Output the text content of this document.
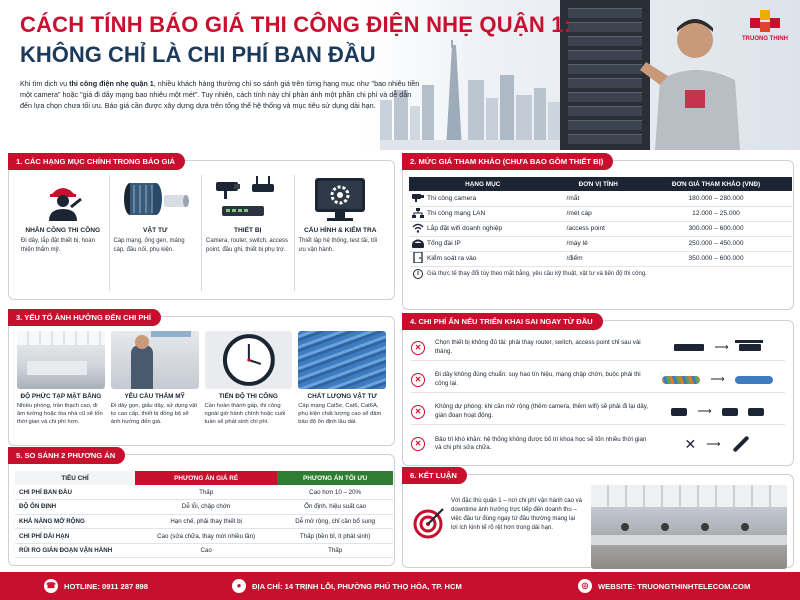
TRUONG THINH
CÁCH TÍNH BÁO GIÁ THI CÔNG ĐIỆN NHẸ QUẬN 1:
KHÔNG CHỈ LÀ CHI PHÍ BAN ĐẦU
Khi tìm dịch vụ thi công điện nhẹ quận 1, nhiều khách hàng thường chỉ so sánh giá trên từng hạng mục như "bao nhiêu tiền một camera" hoặc "giá đi dây mạng bao nhiêu một mét". Tuy nhiên, cách tính này chỉ phản ánh một phần chi phí và dễ dẫn đến lựa chọn chưa tối ưu. Báo giá cần được xây dựng dựa trên tổng thể hệ thống và mục tiêu sử dụng dài hạn.
1. CÁC HẠNG MỤC CHÍNH TRONG BÁO GIÁ
NHÂN CÔNG THI CÔNG
Đi dây, lắp đặt thiết bị, hoàn thiện thẩm mỹ.
VẬT TƯ
Cáp mạng, ống gen, máng cáp, đầu nối, phụ kiện.
THIẾT BỊ
Camera, router, switch, access point, đầu ghi, thiết bị phụ trợ.
CẤU HÌNH & KIỂM TRA
Thiết lập hệ thống, test tải, tối ưu vận hành.
2. MỨC GIÁ THAM KHẢO (CHƯA BAO GỒM THIẾT BỊ)
HẠNG MỤC		ĐƠN VỊ TÍNH	ĐƠN GIÁ THAM KHẢO (VNĐ)
	Thi công camera	/mắt	180.000 – 280.000
	Thi công mạng LAN	/mét cáp	12.000 – 25.000
	Lắp đặt wifi doanh nghiệp	/access point	300.000 – 600.000
	Tổng đài IP	/máy lẻ	250.000 – 450.000
	Kiểm soát ra vào	/điểm	350.000 – 600.000
i	Giá thực tế thay đổi tùy theo mặt bằng, yêu cầu kỹ thuật, vật tư và tiến độ thi công.		
3. YẾU TỐ ẢNH HƯỞNG ĐẾN CHI PHÍ
ĐỘ PHỨC TẠP MẶT BẰNG
Nhiều phòng, trần thạch cao, đi âm tường hoặc tòa nhà cũ sẽ tốn thời gian và chi phí hơn.
YÊU CẦU THẨM MỸ
Đi dây gọn, giấu dây, sử dụng vật tư cao cấp, thiết bị đồng bộ sẽ ảnh hưởng đến giá.
TIẾN ĐỘ THI CÔNG
Cần hoàn thành gấp, thi công ngoài giờ hành chính hoặc cuối tuần sẽ phát sinh chi phí.
CHẤT LƯỢNG VẬT TƯ
Cáp mạng Cat5e, Cat6, Cat6A, phụ kiện chất lượng cao sẽ đảm bảo độ ổn định lâu dài.
4. CHI PHÍ ẨN NẾU TRIỂN KHAI SAI NGAY TỪ ĐẦU
✕	Chọn thiết bị không đủ tải: phải thay router, switch, access point chỉ sau vài tháng.	⟶
✕	Đi dây không đúng chuẩn: suy hao tín hiệu, mạng chập chờn, buộc phải thi công lại.	⟶
✕	Không dự phòng: khi cần mở rộng (thêm camera, thêm wifi) sẽ phải đi lại dây, gián đoạn hoạt động.	⟶
✕	Bảo trì khó khăn: hệ thống không được bố trí khoa học sẽ tốn nhiều thời gian và chi phí sửa chữa.	✕ ⟶
5. SO SÁNH 2 PHƯƠNG ÁN
TIÊU CHÍ	PHƯƠNG ÁN GIÁ RẺ	PHƯƠNG ÁN TỐI ƯU
CHI PHÍ BAN ĐẦU	Thấp	Cao hơn 10 – 20%
ĐỘ ỔN ĐỊNH	Dễ lỗi, chập chờn	Ổn định, hiệu suất cao
KHẢ NĂNG MỞ RỘNG	Hạn chế, phải thay thiết bị	Dễ mở rộng, chỉ cần bổ sung
CHI PHÍ DÀI HẠN	Cao (sửa chữa, thay mới nhiều lần)	Thấp (bền bỉ, ít phát sinh)
RỦI RO GIÁN ĐOẠN VẬN HÀNH	Cao	Thấp
6. KẾT LUẬN
Với đặc thù quận 1 – nơi chi phí vận hành cao và downtime ảnh hưởng trực tiếp đến doanh thu – việc đầu tư đúng ngay từ đầu thường mang lại lợi ích kinh tế rõ rệt hơn trong dài hạn.
☎ HOTLINE: 0911 287 898	●	ĐỊA CHỈ: 14 TRỊNH LỖI, PHƯỜNG PHÚ THỌ HÒA, TP. HCM	◎	WEBSITE: TRUONGTHINHTELECOM.COM
